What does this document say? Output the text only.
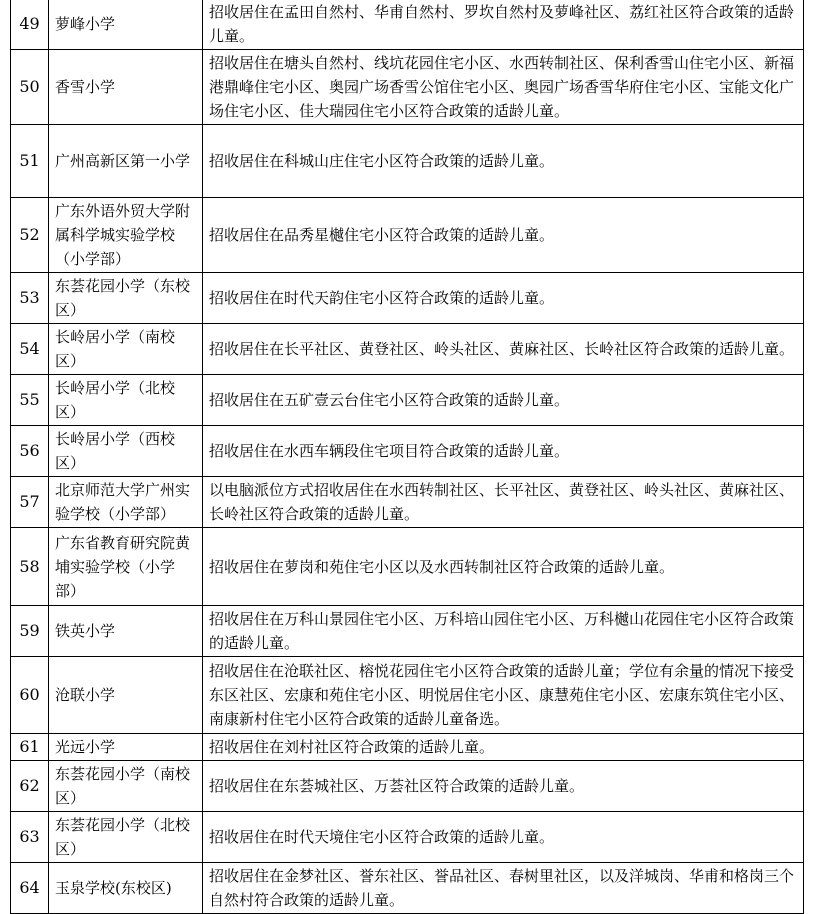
49	萝峰小学	招收居住在孟田自然村、华甫自然村、罗坎自然村及萝峰社区、荔红社区符合政策的适龄儿童。
50	香雪小学	招收居住在塘头自然村、线坑花园住宅小区、水西转制社区、保利香雪山住宅小区、新福港鼎峰住宅小区、奥园广场香雪公馆住宅小区、奥园广场香雪华府住宅小区、宝能文化广场住宅小区、佳大瑞园住宅小区符合政策的适龄儿童。
51	广州高新区第一小学	招收居住在科城山庄住宅小区符合政策的适龄儿童。
52	广东外语外贸大学附属科学城实验学校（小学部）	招收居住在品秀星樾住宅小区符合政策的适龄儿童。
53	东荟花园小学（东校区）	招收居住在时代天韵住宅小区符合政策的适龄儿童。
54	长岭居小学（南校区）	招收居住在长平社区、黄登社区、岭头社区、黄麻社区、长岭社区符合政策的适龄儿童。
55	长岭居小学（北校区）	招收居住在五矿壹云台住宅小区符合政策的适龄儿童。
56	长岭居小学（西校区）	招收居住在水西车辆段住宅项目符合政策的适龄儿童。
57	北京师范大学广州实验学校（小学部）	以电脑派位方式招收居住在水西转制社区、长平社区、黄登社区、岭头社区、黄麻社区、长岭社区符合政策的适龄儿童。
58	广东省教育研究院黄埔实验学校（小学部）	招收居住在萝岗和苑住宅小区以及水西转制社区符合政策的适龄儿童。
59	铁英小学	招收居住在万科山景园住宅小区、万科培山园住宅小区、万科樾山花园住宅小区符合政策的适龄儿童。
60	沧联小学	招收居住在沧联社区、榕悦花园住宅小区符合政策的适龄儿童；学位有余量的情况下接受东区社区、宏康和苑住宅小区、明悦居住宅小区、康慧苑住宅小区、宏康东筑住宅小区、南康新村住宅小区符合政策的适龄儿童备选。
61	光远小学	招收居住在刘村社区符合政策的适龄儿童。
62	东荟花园小学（南校区）	招收居住在东荟城社区、万荟社区符合政策的适龄儿童。
63	东荟花园小学（北校区）	招收居住在时代天境住宅小区符合政策的适龄儿童。
64	玉泉学校(东校区)	招收居住在金梦社区、誉东社区、誉品社区、春树里社区，以及洋城岗、华甫和格岗三个自然村符合政策的适龄儿童。
